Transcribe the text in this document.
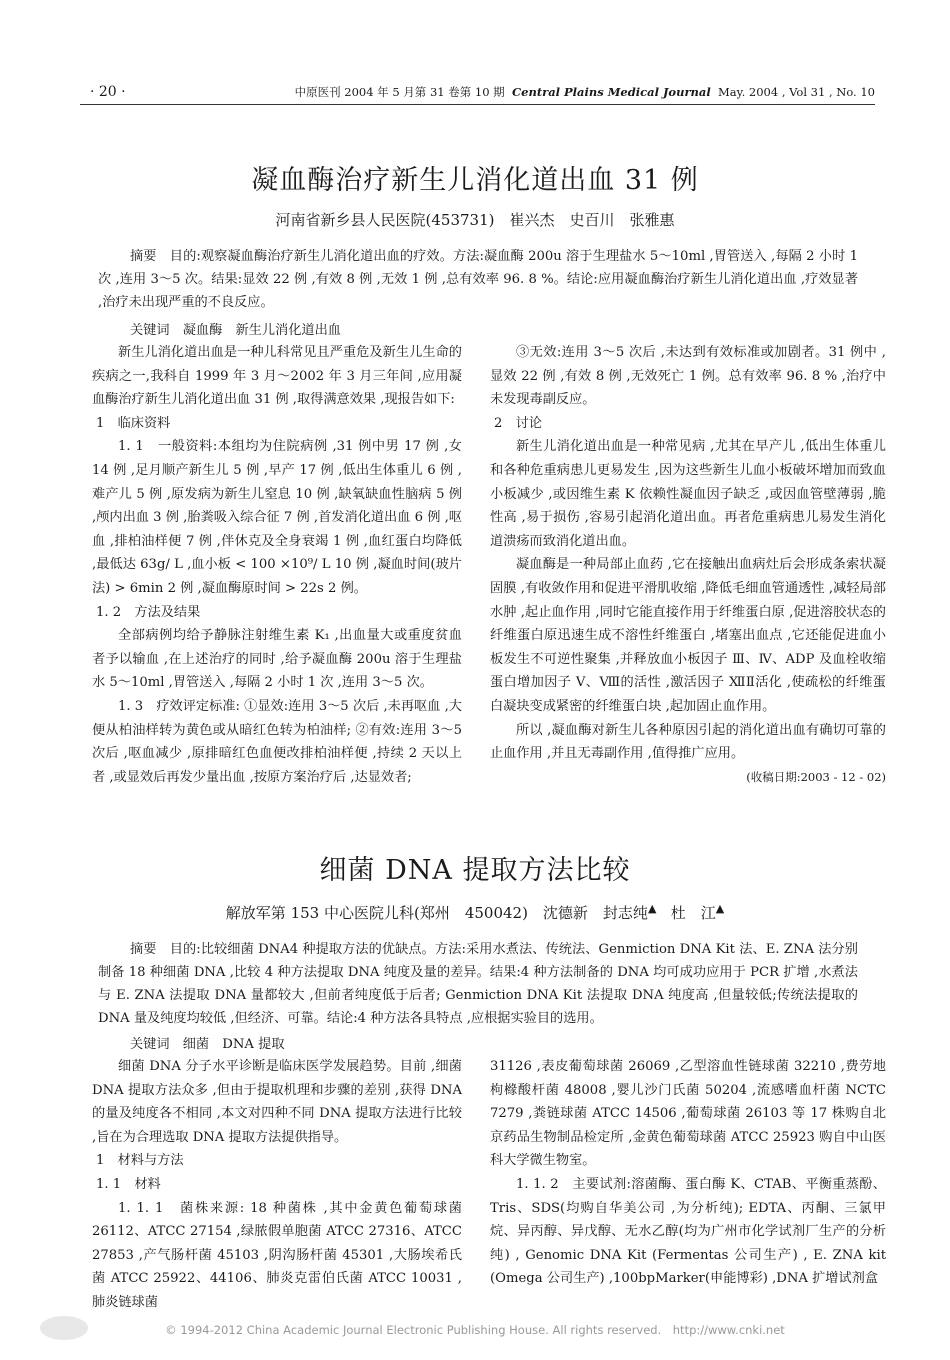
· 20 ·	中原医刊 2004 年 5 月第 31 卷第 10 期 Central Plains Medical Journal May. 2004 , Vol 31 , No. 10
凝血酶治疗新生儿消化道出血 31 例
河南省新乡县人民医院(453731)　崔兴杰　史百川　张雅惠
摘要　目的:观察凝血酶治疗新生儿消化道出血的疗效。方法:凝血酶 200u 溶于生理盐水 5～10ml ,胃管送入 ,每隔 2 小时 1 次 ,连用 3～5 次。结果:显效 22 例 ,有效 8 例 ,无效 1 例 ,总有效率 96. 8 %。结论:应用凝血酶治疗新生儿消化道出血 ,疗效显著 ,治疗未出现严重的不良反应。
关键词　凝血酶　新生儿消化道出血

新生儿消化道出血是一种儿科常见且严重危及新生儿生命的疾病之一,我科自 1999 年 3 月～2002 年 3 月三年间 ,应用凝血酶治疗新生儿消化道出血 31 例 ,取得满意效果 ,现报告如下:

1　临床资料

1. 1　一般资料:本组均为住院病例 ,31 例中男 17 例 ,女 14 例 ,足月顺产新生儿 5 例 ,早产 17 例 ,低出生体重儿 6 例 ,难产儿 5 例 ,原发病为新生儿窒息 10 例 ,缺氧缺血性脑病 5 例 ,颅内出血 3 例 ,胎粪吸入综合征 7 例 ,首发消化道出血 6 例 ,呕血 ,排柏油样便 7 例 ,伴休克及全身衰竭 1 例 ,血红蛋白均降低 ,最低达 63g/ L ,血小板 < 100 ×10⁹/ L 10 例 ,凝血时间(玻片法) > 6min 2 例 ,凝血酶原时间 > 22s 2 例。

1. 2　方法及结果

全部病例均给予静脉注射维生素 K₁ ,出血量大或重度贫血者予以输血 ,在上述治疗的同时 ,给予凝血酶 200u 溶于生理盐水 5～10ml ,胃管送入 ,每隔 2 小时 1 次 ,连用 3～5 次。

1. 3　疗效评定标准: ①显效:连用 3～5 次后 ,未再呕血 ,大便从柏油样转为黄色或从暗红色转为柏油样; ②有效:连用 3～5 次后 ,呕血减少 ,原排暗红色血便改排柏油样便 ,持续 2 天以上者 ,或显效后再发少量出血 ,按原方案治疗后 ,达显效者;

③无效:连用 3～5 次后 ,未达到有效标准或加剧者。31 例中 ,显效 22 例 ,有效 8 例 ,无效死亡 1 例。总有效率 96. 8 % ,治疗中未发现毒副反应。

2　讨论

新生儿消化道出血是一种常见病 ,尤其在早产儿 ,低出生体重儿和各种危重病患儿更易发生 ,因为这些新生儿血小板破坏增加而致血小板减少 ,或因维生素 K 依赖性凝血因子缺乏 ,或因血管壁薄弱 ,脆性高 ,易于损伤 ,容易引起消化道出血。再者危重病患儿易发生消化道溃疡而致消化道出血。

凝血酶是一种局部止血药 ,它在接触出血病灶后会形成条索状凝固膜 ,有收敛作用和促进平滑肌收缩 ,降低毛细血管通透性 ,减轻局部水肿 ,起止血作用 ,同时它能直接作用于纤维蛋白原 ,促进溶胶状态的纤维蛋白原迅速生成不溶性纤维蛋白 ,堵塞出血点 ,它还能促进血小板发生不可逆性聚集 ,并释放血小板因子 Ⅲ、Ⅳ、ADP 及血栓收缩蛋白增加因子 Ⅴ、Ⅷ的活性 ,激活因子 ⅫⅡ活化 ,使疏松的纤维蛋白凝块变成紧密的纤维蛋白块 ,起加固止血作用。

所以 ,凝血酶对新生儿各种原因引起的消化道出血有确切可靠的止血作用 ,并且无毒副作用 ,值得推广应用。

(收稿日期:2003 - 12 - 02)

细菌 DNA 提取方法比较
解放军第 153 中心医院儿科(郑州　450042)　沈德新　封志纯▲ 杜　江▲
摘要　目的:比较细菌 DNA4 种提取方法的优缺点。方法:采用水煮法、传统法、Genmiction DNA Kit 法、E. ZNA 法分别制备 18 种细菌 DNA ,比较 4 种方法提取 DNA 纯度及量的差异。结果:4 种方法制备的 DNA 均可成功应用于 PCR 扩增 ,水煮法与 E. ZNA 法提取 DNA 量都较大 ,但前者纯度低于后者; Genmiction DNA Kit 法提取 DNA 纯度高 ,但量较低;传统法提取的 DNA 量及纯度均较低 ,但经济、可靠。结论:4 种方法各具特点 ,应根据实验目的选用。
关键词　细菌　DNA 提取

细菌 DNA 分子水平诊断是临床医学发展趋势。目前 ,细菌 DNA 提取方法众多 ,但由于提取机理和步骤的差别 ,获得 DNA 的量及纯度各不相同 ,本文对四种不同 DNA 提取方法进行比较 ,旨在为合理选取 DNA 提取方法提供指导。

1　材料与方法

1. 1　材料

1. 1. 1　菌株来源: 18 种菌株 ,其中金黄色葡萄球菌 26112、ATCC 27154 ,绿脓假单胞菌 ATCC 27316、ATCC 27853 ,产气肠杆菌 45103 ,阴沟肠杆菌 45301 ,大肠埃希氏菌 ATCC 25922、44106、肺炎克雷伯氏菌 ATCC 10031 ,肺炎链球菌

31126 ,表皮葡萄球菌 26069 ,乙型溶血性链球菌 32210 ,费劳地枸橼酸杆菌 48008 ,婴儿沙门氏菌 50204 ,流感嗜血杆菌 NCTC 7279 ,粪链球菌 ATCC 14506 ,葡萄球菌 26103 等 17 株购自北京药品生物制品检定所 ,金黄色葡萄球菌 ATCC 25923 购自中山医科大学微生物室。

1. 1. 2　主要试剂:溶菌酶、蛋白酶 K、CTAB、平衡重蒸酚、Tris、SDS(均购自华美公司 ,为分析纯); EDTA、丙酮、三氯甲烷、异丙醇、异戊醇、无水乙醇(均为广州市化学试剂厂生产的分析纯) , Genomic DNA Kit (Fermentas 公司生产) , E. ZNA kit (Omega 公司生产) ,100bpMarker(申能博彩) ,DNA 扩增试剂盒

© 1994-2012 China Academic Journal Electronic Publishing House. All rights reserved.　http://www.cnki.net
